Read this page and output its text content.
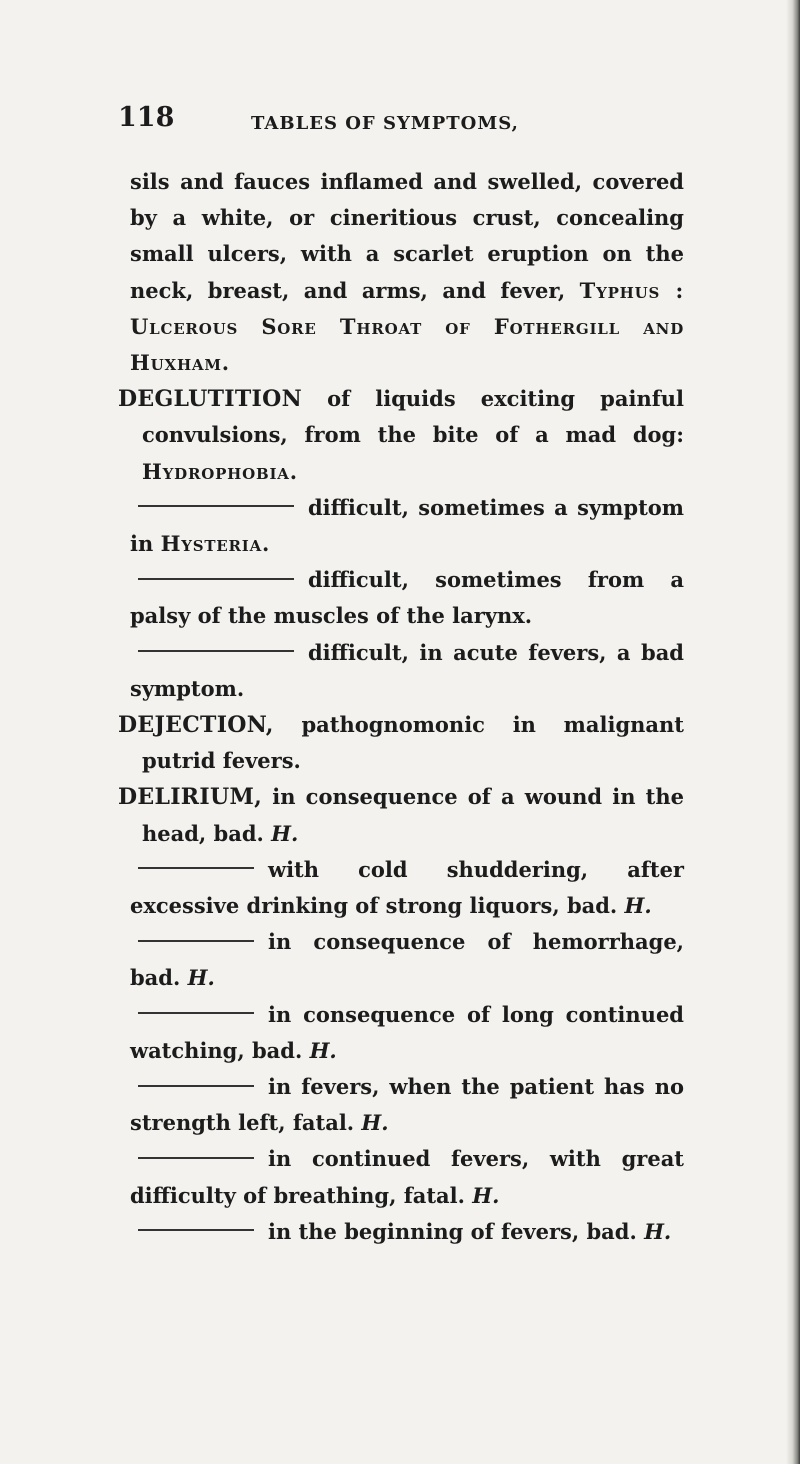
118	TABLES OF SYMPTOMS,

sils and fauces inflamed and swelled, covered by a white, or cineritious crust, concealing small ulcers, with a scarlet eruption on the neck, breast, and arms, and fever, Typhus : Ulcerous Sore Throat of Fothergill and Huxham.

DEGLUTITION of liquids exciting painful convulsions, from the bite of a mad dog: Hydrophobia.

difficult, sometimes a symptom in Hysteria.

difficult, sometimes from a palsy of the muscles of the larynx.

difficult, in acute fevers, a bad symptom.

DEJECTION, pathognomonic in malignant putrid fevers.

DELIRIUM, in consequence of a wound in the head, bad. H.

with cold shuddering, after excessive drinking of strong liquors, bad. H.

in consequence of hemorrhage, bad. H.

in consequence of long continued watching, bad. H.

in fevers, when the patient has no strength left, fatal. H.

in continued fevers, with great difficulty of breathing, fatal. H.

in the beginning of fevers, bad. H.
